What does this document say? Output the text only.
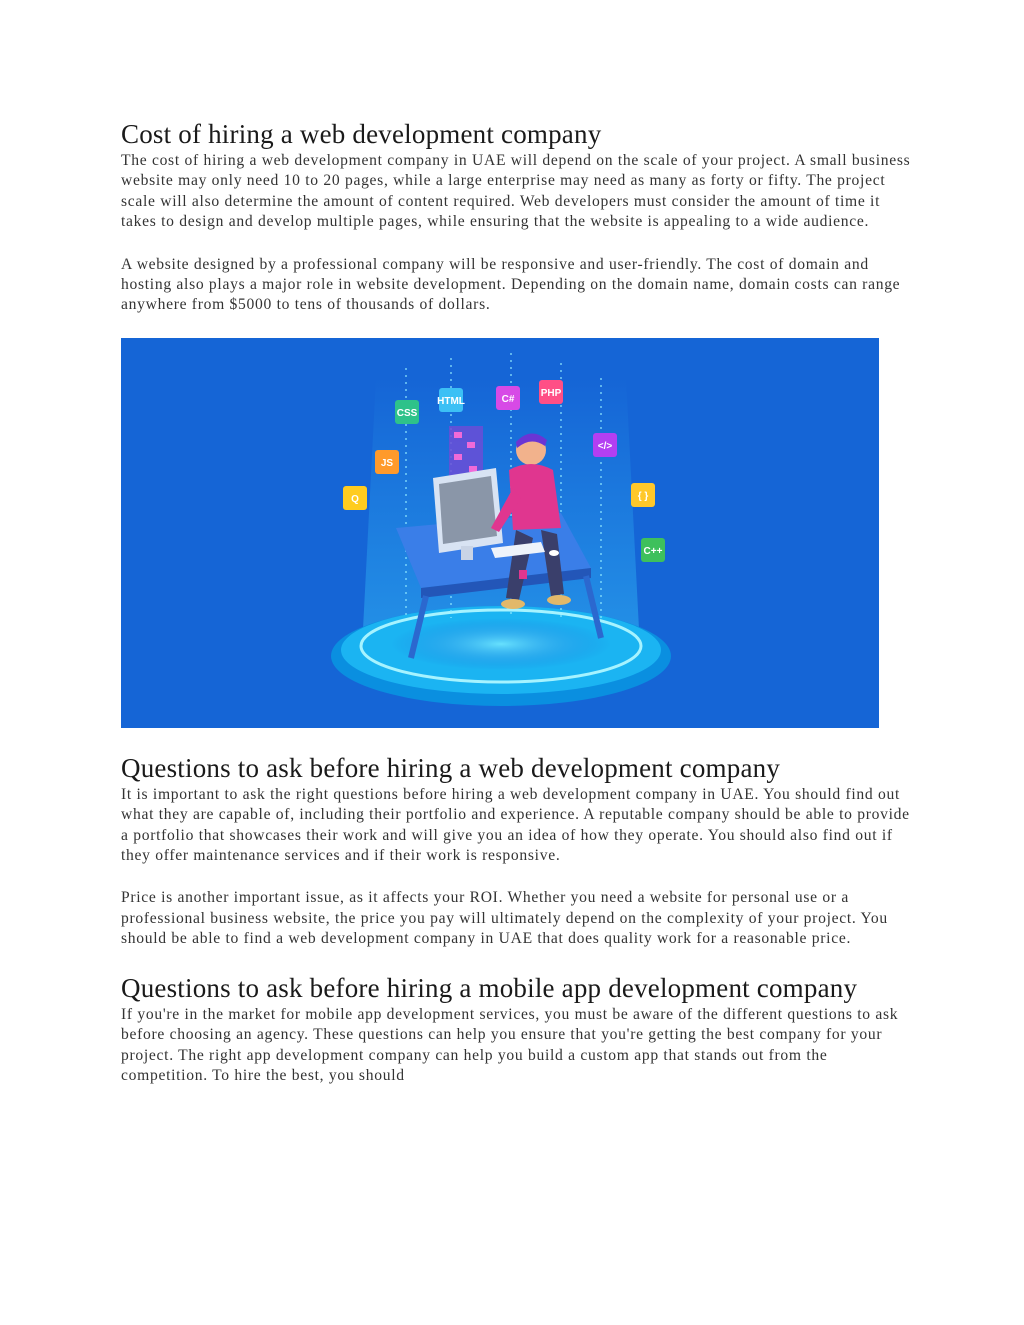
Cost of hiring a web development company

The cost of hiring a web development company in UAE will depend on the scale of your project. A small business website may only need 10 to 20 pages, while a large enterprise may need as many as forty or fifty. The project scale will also determine the amount of content required. Web developers must consider the amount of time it takes to design and develop multiple pages, while ensuring that the website is appealing to a wide audience.

A website designed by a professional company will be responsive and user-friendly. The cost of domain and hosting also plays a major role in website development. Depending on the domain name, domain costs can range anywhere from $5000 to tens of thousands of dollars.

CSS
HTML	C#
PHP
</>
JS
Q	{ }
C++
Questions to ask before hiring a web development company

It is important to ask the right questions before hiring a web development company in UAE. You should find out what they are capable of, including their portfolio and experience. A reputable company should be able to provide a portfolio that showcases their work and will give you an idea of how they operate. You should also find out if they offer maintenance services and if their work is responsive.

Price is another important issue, as it affects your ROI. Whether you need a website for personal use or a professional business website, the price you pay will ultimately depend on the complexity of your project. You should be able to find a web development company in UAE that does quality work for a reasonable price.

Questions to ask before hiring a mobile app development company

If you're in the market for mobile app development services, you must be aware of the different questions to ask before choosing an agency. These questions can help you ensure that you're getting the best company for your project. The right app development company can help you build a custom app that stands out from the competition. To hire the best, you should
